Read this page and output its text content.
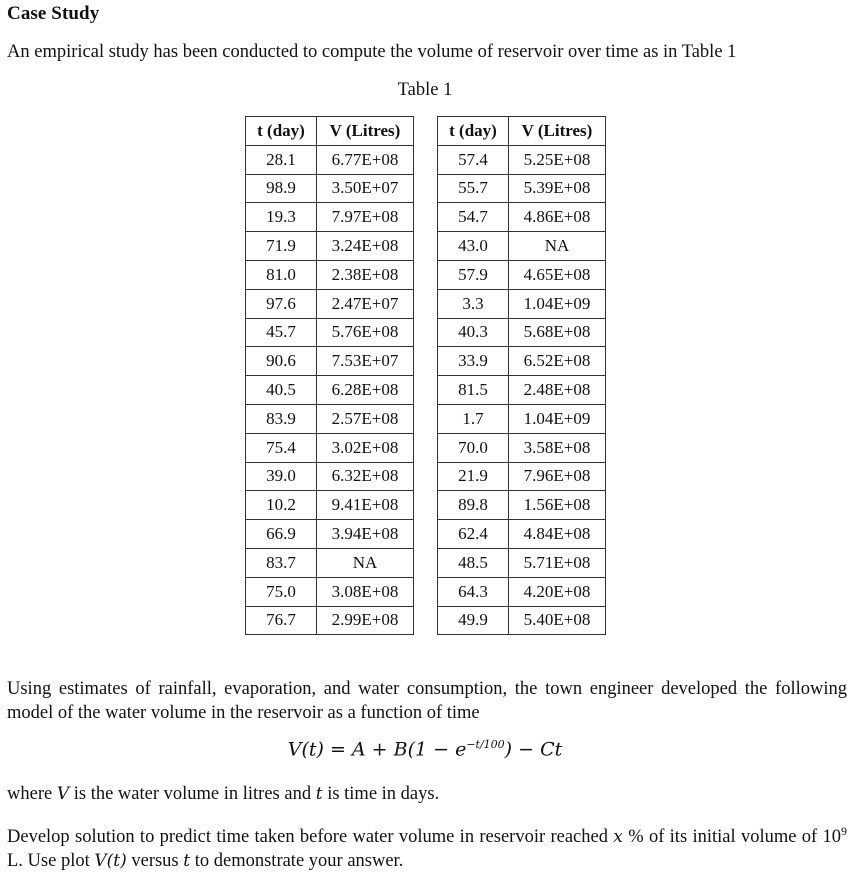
Case Study
An empirical study has been conducted to compute the volume of reservoir over time as in Table 1
Table 1
t (day)	V (Litres)
28.1	6.77E+08
98.9	3.50E+07
19.3	7.97E+08
71.9	3.24E+08
81.0	2.38E+08
97.6	2.47E+07
45.7	5.76E+08
90.6	7.53E+07
40.5	6.28E+08
83.9	2.57E+08
75.4	3.02E+08
39.0	6.32E+08
10.2	9.41E+08
66.9	3.94E+08
83.7	NA
75.0	3.08E+08
76.7	2.99E+08
t (day)	V (Litres)
57.4	5.25E+08
55.7	5.39E+08
54.7	4.86E+08
43.0	NA
57.9	4.65E+08
3.3	1.04E+09
40.3	5.68E+08
33.9	6.52E+08
81.5	2.48E+08
1.7	1.04E+09
70.0	3.58E+08
21.9	7.96E+08
89.8	1.56E+08
62.4	4.84E+08
48.5	5.71E+08
64.3	4.20E+08
49.9	5.40E+08
Using estimates of rainfall, evaporation, and water consumption, the town engineer developed the following model of the water volume in the reservoir as a function of time
$V(t) = A + B(1 - e^{-t/100}) - Ct$
where V is the water volume in litres and t is time in days.
Develop solution to predict time taken before water volume in reservoir reached x % of its initial volume of $10^9$ L. Use plot V(t) versus t to demonstrate your answer.
